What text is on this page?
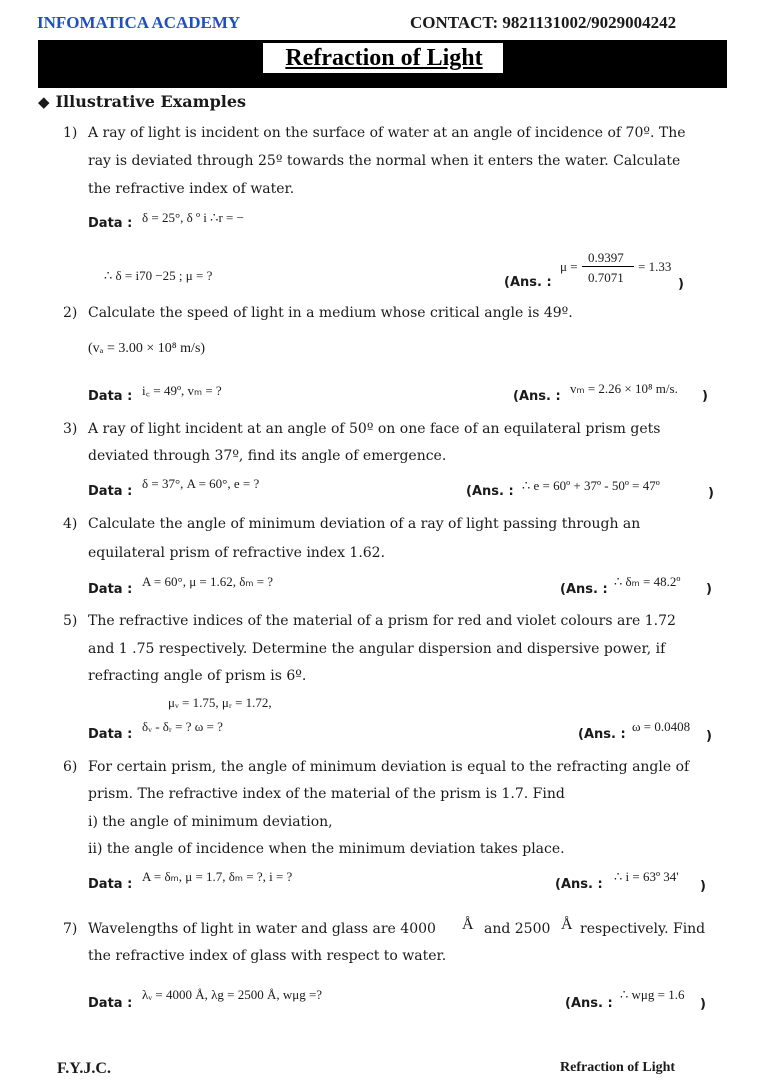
INFOMATICA ACADEMY	CONTACT: 9821131002/9029004242
Refraction of Light
◆ Illustrative Examples
1) A ray of light is incident on the surface of water at an angle of incidence of 70º. The
ray is deviated through 25º towards the normal when it enters the water. Calculate
the refractive index of water.
Data : δ = 25°, δ º i ∴r = −
∴ δ = i70 −25 ; μ = ?
μ =
0.9397
0.7071
= 1.33
(Ans. :	)
2) Calculate the speed of light in a medium whose critical angle is 49º.
(vₐ = 3.00 × 10⁸ m/s)
Data : i꜀ = 49º, vₘ = ?	(Ans. :
vₘ = 2.26 × 10⁸ m/s.
)
3) A ray of light incident at an angle of 50º on one face of an equilateral prism gets
deviated through 37º, find its angle of emergence.
Data :
δ = 37°, A = 60°, e = ?
(Ans. : ∴ e = 60º + 37º - 50º = 47º
)
4) Calculate the angle of minimum deviation of a ray of light passing through an
equilateral prism of refractive index 1.62.
Data :
A = 60°, μ = 1.62, δₘ = ?
(Ans. :
∴ δₘ = 48.2º
)
5) The refractive indices of the material of a prism for red and violet colours are 1.72
and 1 .75 respectively. Determine the angular dispersion and dispersive power, if
refracting angle of prism is 6º.
μᵥ = 1.75, μᵣ = 1.72,
Data :
δᵥ - δᵣ = ? ω = ?
(Ans. :
ω = 0.0408
)
6) For certain prism, the angle of minimum deviation is equal to the refracting angle of
prism. The refractive index of the material of the prism is 1.7. Find
i) the angle of minimum deviation,
ii) the angle of incidence when the minimum deviation takes place.
Data :
A = δₘ, μ = 1.7, δₘ = ?, i = ?
(Ans. :
∴ i = 63º 34'
)
7) Wavelengths of light in water and glass are 4000 Å and 2500 Å respectively. Find
the refractive index of glass with respect to water.
Data :
λᵥ = 4000 Å, λg = 2500 Å, wμg =?
(Ans. :
∴ wμg = 1.6
)
F.Y.J.C.	Refraction of Light
